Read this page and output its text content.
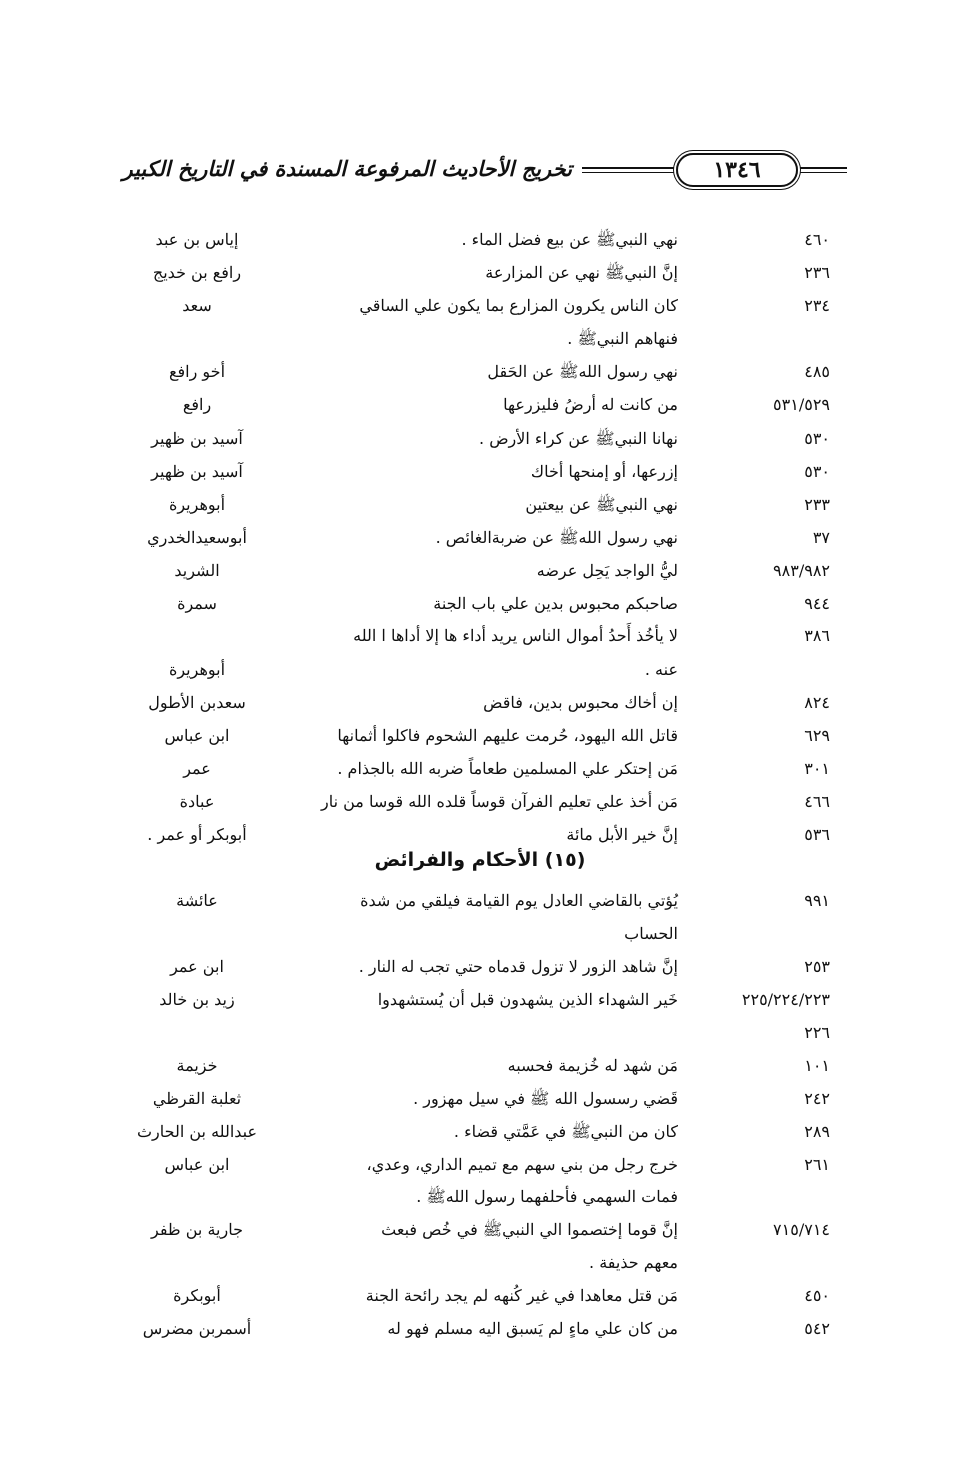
تخريج الأحاديث المرفوعة المسندة في التاريخ الكبير	١٣٤٦
٤٦٠
نهي النبيﷺ عن بيع فضل الماء .
إياس بن عبد
٢٣٦
إنَّ النبيﷺ نهي عن المزارعة
رافع بن خديج
٢٣٤
كان الناس يكرون المزارع بما يكون علي الساقي
سعد
فنهاهم النبيﷺ .
٤٨٥
نهي رسول اللهﷺ عن الحَقل
أخو رافع
٥٣١/٥٢٩
من كانت له أرضُ فليزرعها
رافع
٥٣٠
نهانا النبيﷺ عن كراء الأرض .
آسيد بن ظهير
٥٣٠
إزرعها، أو إمنحها أخاك
آسيد بن ظهير
٢٣٣
نهي النبيﷺ عن بيعتين
أبوهريرة
٣٧
نهي رسول اللهﷺ عن ضربةالغائص .
أبوسعيدالخدري
٩٨٣/٩٨٢
ليُّ الواجد يَحِل عرضه
الشريد
٩٤٤
صاحبكم محبوس بدين علي باب الجنة
سمرة
٣٨٦
لا يأخُذ أَحدُ أموال الناس يريد أداء ها إلا أداها ا الله
عنه .
أبوهريرة
٨٢٤
إن أخاك محبوس بدين، فاقض
سعدبن الأطول
٦٢٩
قاتل الله اليهود، حُرمت عليهم الشحوم فاكلوا أثمانها
ابن عباس
٣٠١
مَن إحتكر علي المسلمين طعاماً ضربه الله بالجذام .
عمر
٤٦٦
مَن أخذ علي تعليم الفرآن قوساً قلده الله قوسا من نار
عبادة
٥٣٦
إنَّ خير الأبل مائة
أبوبكر أو عمر .
٩٩١
يُؤتي بالقاضي العادل يوم القيامة فيلقي من شدة
عائشة
الحساب
٢٥٣
إنَّ شاهد الزور لا تزول قدماه حتي تجب له النار .
ابن عمر
٢٢٥/٢٢٤/٢٢٣
خَير الشهداء الذين يشهدون قبل أن يُستشهدوا
زيد بن خالد
٢٢٦
١٠١
مَن شهد له خُزيمة فحسبه
خزيمة
٢٤٢
قَضي رسسول الله ﷺ في سيل مهزور .
ثعلبة القرظي
٢٨٩
كان من النبيﷺ في عَمَّتي قضاء .
عبدالله بن الحارث
٢٦١
خرج رجل من بني سهم مع تميم الداري، وعدي،
ابن عباس
فمات السهمي فأحلفهما رسول اللهﷺ .
٧١٥/٧١٤
إنَّ قوما إختصموا الي النبيﷺ في خُص فبعث
جارية بن ظفر
معهم حذيفة .
٤٥٠
مَن قتل معاهدا في غير كُنهه لم يجد رائحة الجنة
أبوبكرة
٥٤٢
من كان علي ماءٍ لم يَسبق اليه مسلم فهو له
أسمربن مضرس
(١٥) الأحكام والفرائض
